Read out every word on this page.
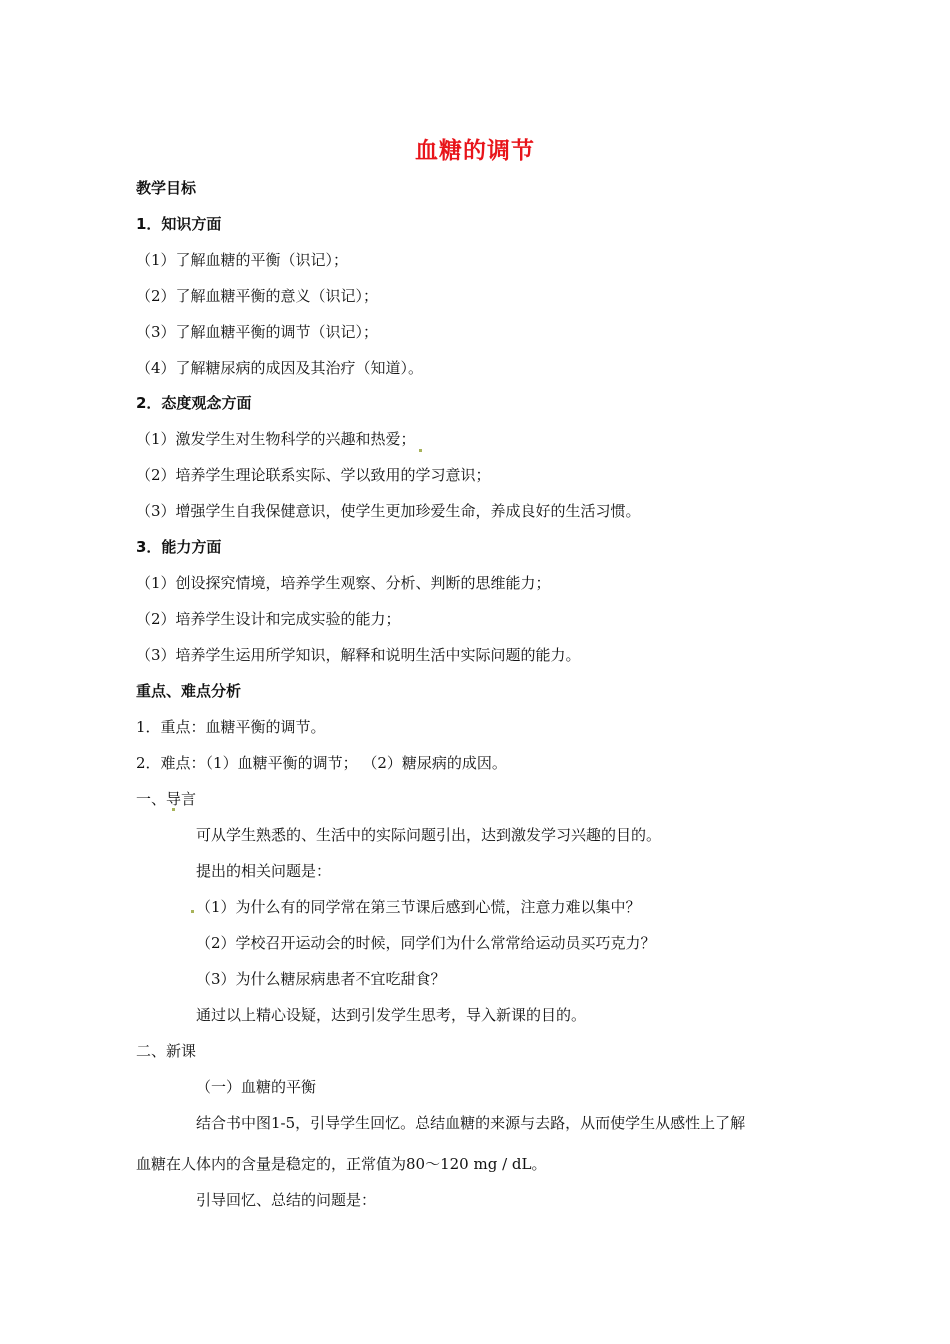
血糖的调节
教学目标
1．知识方面
（1）了解血糖的平衡（识记）；
（2）了解血糖平衡的意义（识记）；
（3）了解血糖平衡的调节（识记）；
（4）了解糖尿病的成因及其治疗（知道）。
2．态度观念方面
（1）激发学生对生物科学的兴趣和热爱；
（2）培养学生理论联系实际、学以致用的学习意识；
（3）增强学生自我保健意识，使学生更加珍爱生命，养成良好的生活习惯。
3．能力方面
（1）创设探究情境，培养学生观察、分析、判断的思维能力；
（2）培养学生设计和完成实验的能力；
（3）培养学生运用所学知识，解释和说明生活中实际问题的能力。
重点、难点分析
1．重点：血糖平衡的调节。
2．难点：（1）血糖平衡的调节； （2）糖尿病的成因。
一、导言
可从学生熟悉的、生活中的实际问题引出，达到激发学习兴趣的目的。
提出的相关问题是：
（1）为什么有的同学常在第三节课后感到心慌，注意力难以集中？
（2）学校召开运动会的时候，同学们为什么常常给运动员买巧克力？
（3）为什么糖尿病患者不宜吃甜食？
通过以上精心设疑，达到引发学生思考，导入新课的目的。
二、新课
（一）血糖的平衡
结合书中图1-5，引导学生回忆。总结血糖的来源与去路，从而使学生从感性上了解
血糖在人体内的含量是稳定的，正常值为80～120 mg / dL。
引导回忆、总结的问题是：
